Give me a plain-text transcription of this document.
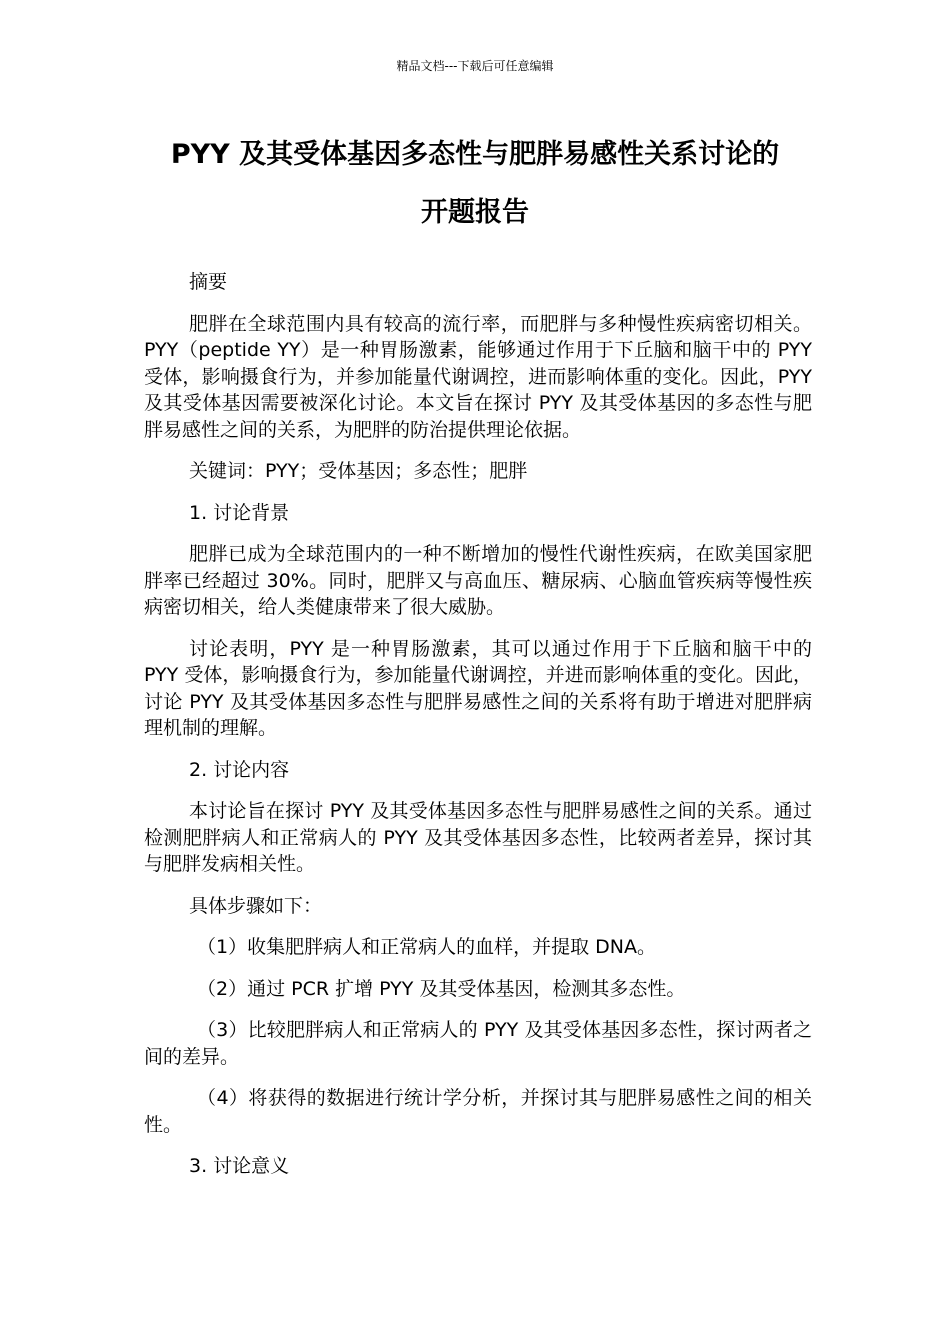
精品文档---下载后可任意编辑
PYY 及其受体基因多态性与肥胖易感性关系讨论的
开题报告

摘要

肥胖在全球范围内具有较高的流行率，而肥胖与多种慢性疾病密切相关。PYY（peptide YY）是一种胃肠激素，能够通过作用于下丘脑和脑干中的 PYY 受体，影响摄食行为，并参加能量代谢调控，进而影响体重的变化。因此，PYY 及其受体基因需要被深化讨论。本文旨在探讨 PYY 及其受体基因的多态性与肥胖易感性之间的关系，为肥胖的防治提供理论依据。

关键词：PYY；受体基因；多态性；肥胖

1. 讨论背景

肥胖已成为全球范围内的一种不断增加的慢性代谢性疾病，在欧美国家肥胖率已经超过 30%。同时，肥胖又与高血压、糖尿病、心脑血管疾病等慢性疾病密切相关，给人类健康带来了很大威胁。

讨论表明，PYY 是一种胃肠激素，其可以通过作用于下丘脑和脑干中的 PYY 受体，影响摄食行为，参加能量代谢调控，并进而影响体重的变化。因此，讨论 PYY 及其受体基因多态性与肥胖易感性之间的关系将有助于增进对肥胖病理机制的理解。

2. 讨论内容

本讨论旨在探讨 PYY 及其受体基因多态性与肥胖易感性之间的关系。通过检测肥胖病人和正常病人的 PYY 及其受体基因多态性，比较两者差异，探讨其与肥胖发病相关性。

具体步骤如下：

（1）收集肥胖病人和正常病人的血样，并提取 DNA。

（2）通过 PCR 扩增 PYY 及其受体基因，检测其多态性。

（3）比较肥胖病人和正常病人的 PYY 及其受体基因多态性，探讨两者之间的差异。

（4）将获得的数据进行统计学分析，并探讨其与肥胖易感性之间的相关性。

3. 讨论意义
